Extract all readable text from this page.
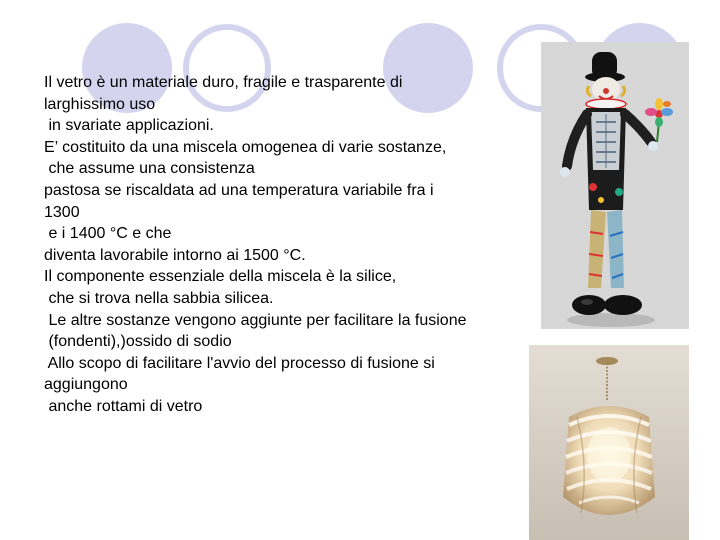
Il vetro è un materiale duro, fragile e trasparente di
larghissimo uso
in svariate applicazioni.
E’ costituito da una miscela omogenea di varie sostanze,
che assume una consistenza
pastosa se riscaldata ad una temperatura variabile fra i
1300
e i 1400 °C e che
diventa lavorabile intorno ai 1500 °C.
Il componente essenziale della miscela è la silice,
che si trova nella sabbia silicea.
Le altre sostanze vengono aggiunte per facilitare la fusione
(fondenti),)ossido di sodio
Allo scopo di facilitare l'avvio del processo di fusione si
aggiungono
anche rottami di vetro
